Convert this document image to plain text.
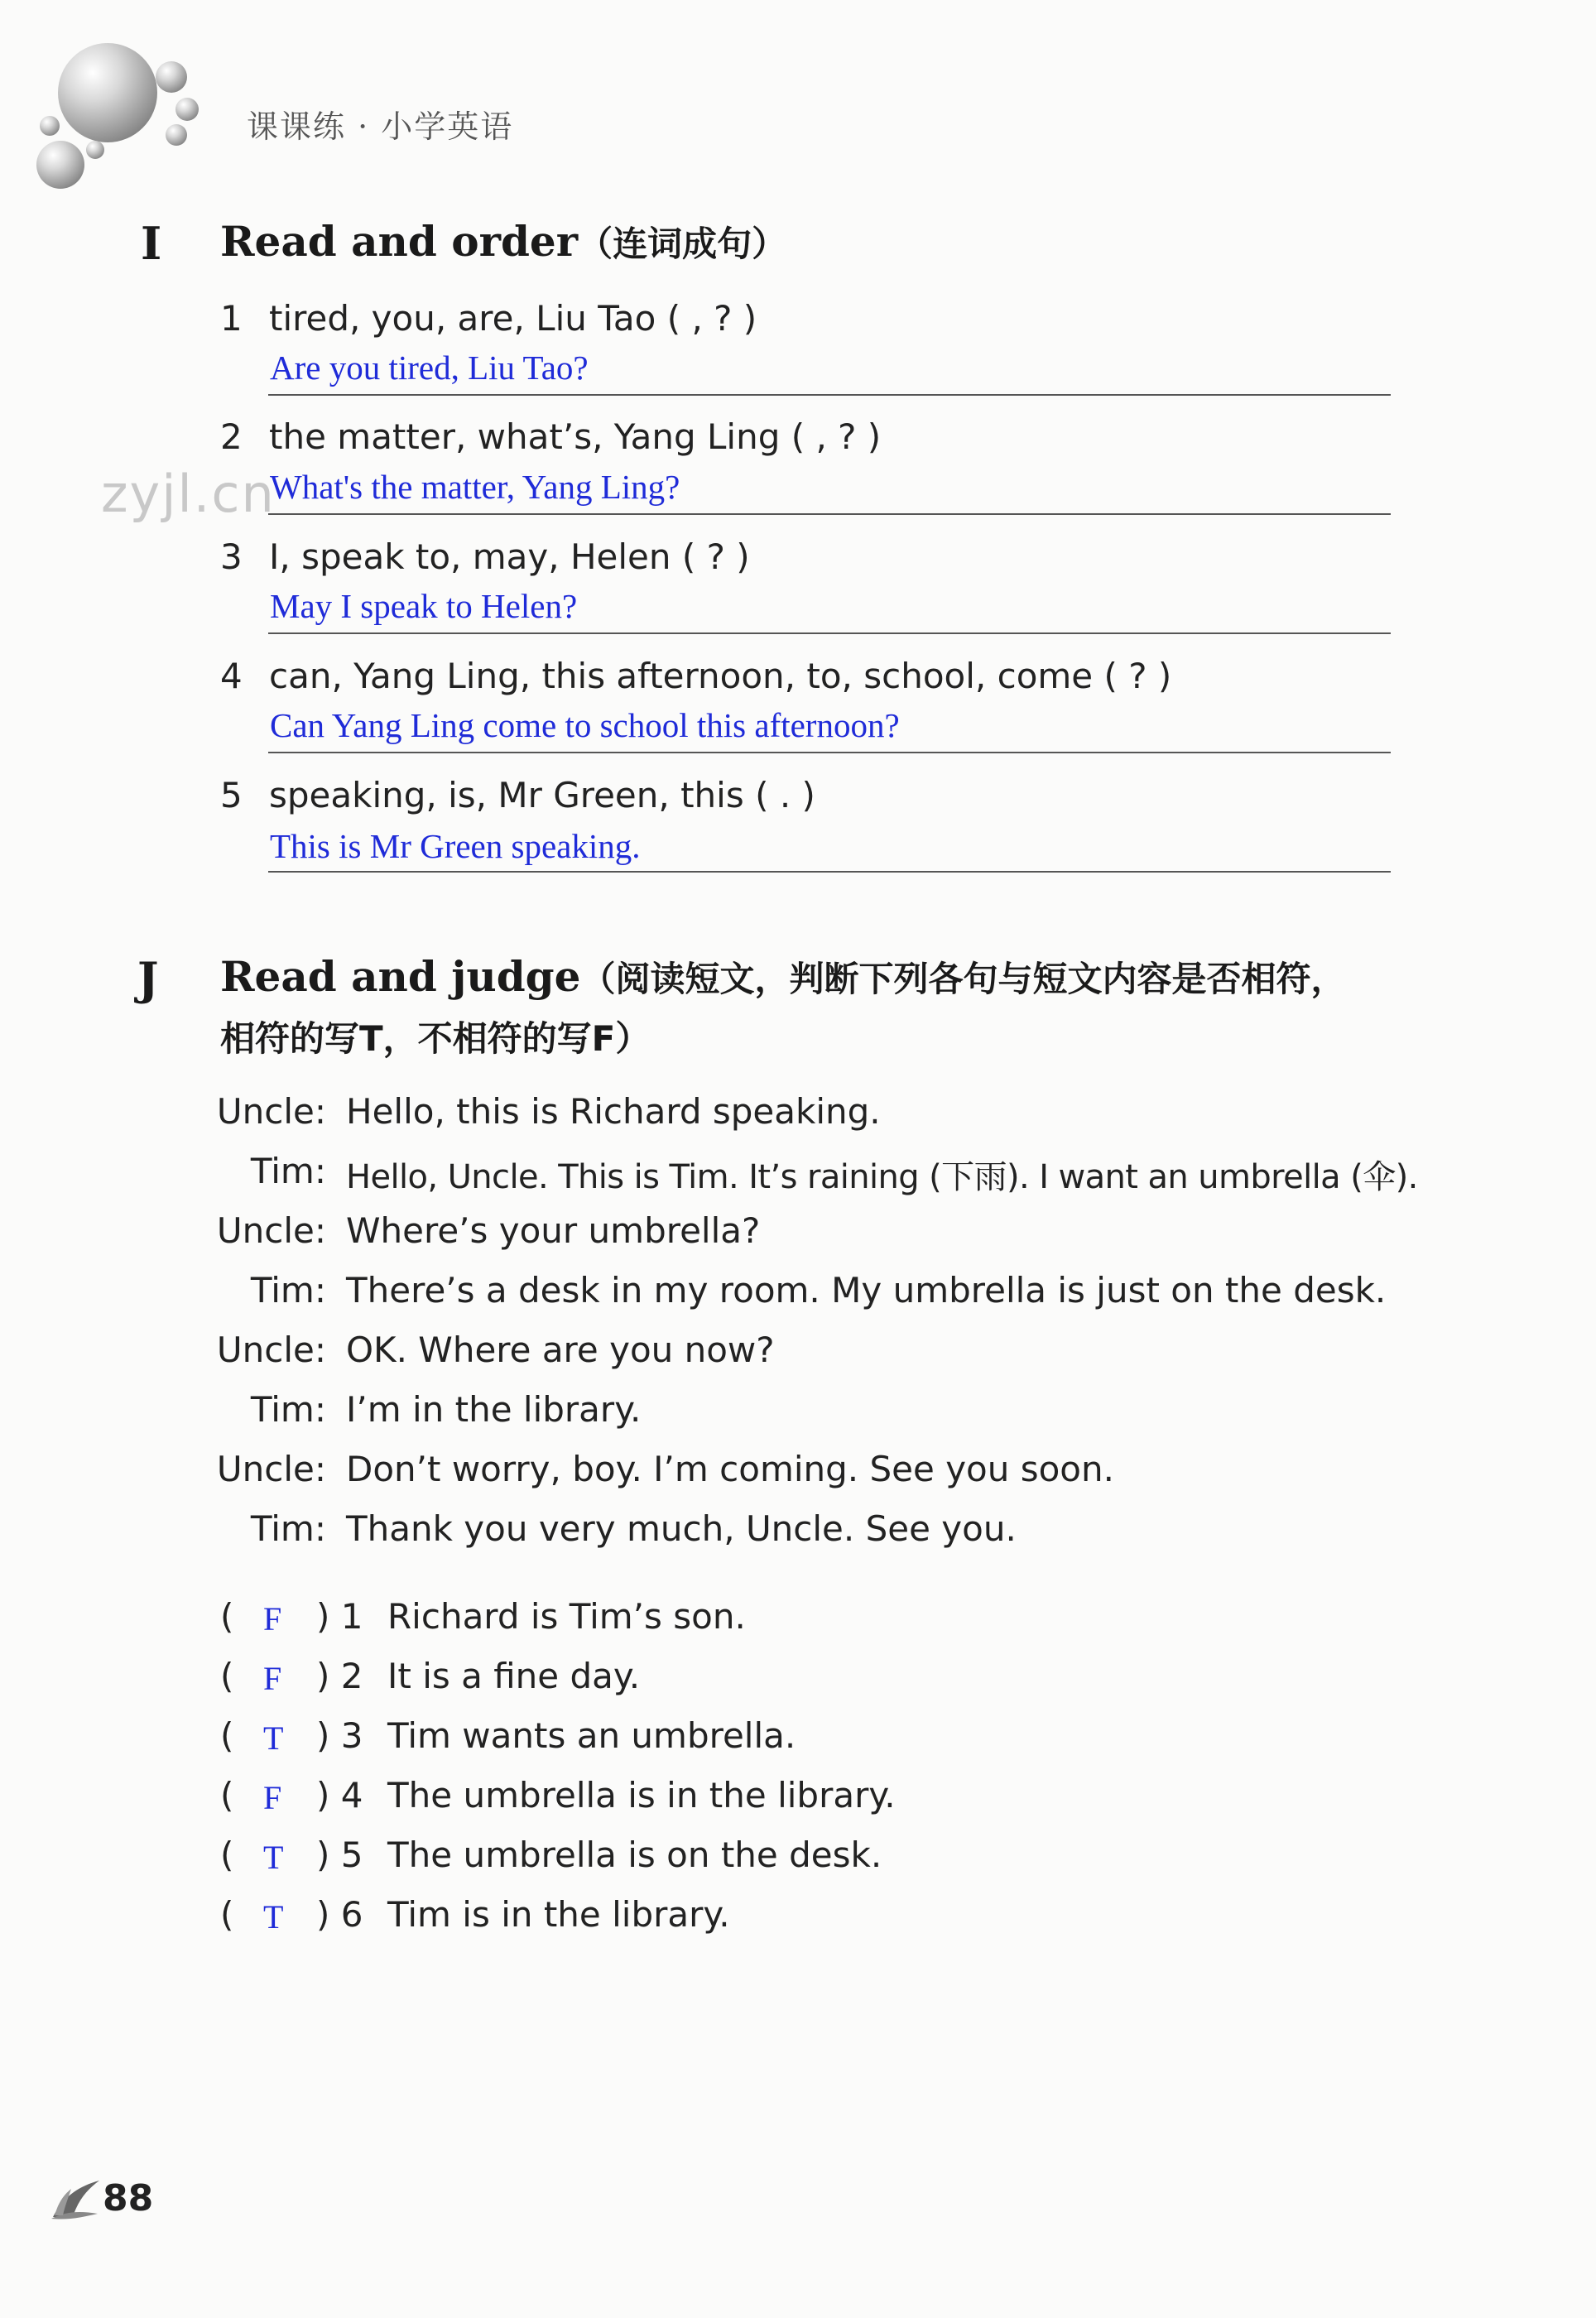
课课练 · 小学英语
zyjl.cn
I Read and order（连词成句）
1 tired, you, are, Liu Tao ( , ? )
Are you tired, Liu Tao?
2 the matter, what’s, Yang Ling ( , ? )
What's the matter, Yang Ling?
3 I, speak to, may, Helen ( ? )
May I speak to Helen?
4 can, Yang Ling, this afternoon, to, school, come ( ? )
Can Yang Ling come to school this afternoon?
5 speaking, is, Mr Green, this ( . )
This is Mr Green speaking.
J Read and judge（阅读短文，判断下列各句与短文内容是否相符，
相符的写T，不相符的写F）
Uncle: Hello, this is Richard speaking.
Tim: Hello, Uncle. This is Tim. It’s raining (下雨). I want an umbrella (伞).
Uncle: Where’s your umbrella?
Tim: There’s a desk in my room. My umbrella is just on the desk.
Uncle: OK. Where are you now?
Tim: I’m in the library.
Uncle: Don’t worry, boy. I’m coming. See you soon.
Tim: Thank you very much, Uncle. See you.
( F ) 1 Richard is Tim’s son.
( F ) 2 It is a fine day.
( T ) 3 Tim wants an umbrella.
( F ) 4 The umbrella is in the library.
( T ) 5 The umbrella is on the desk.
( T ) 6 Tim is in the library.
88
